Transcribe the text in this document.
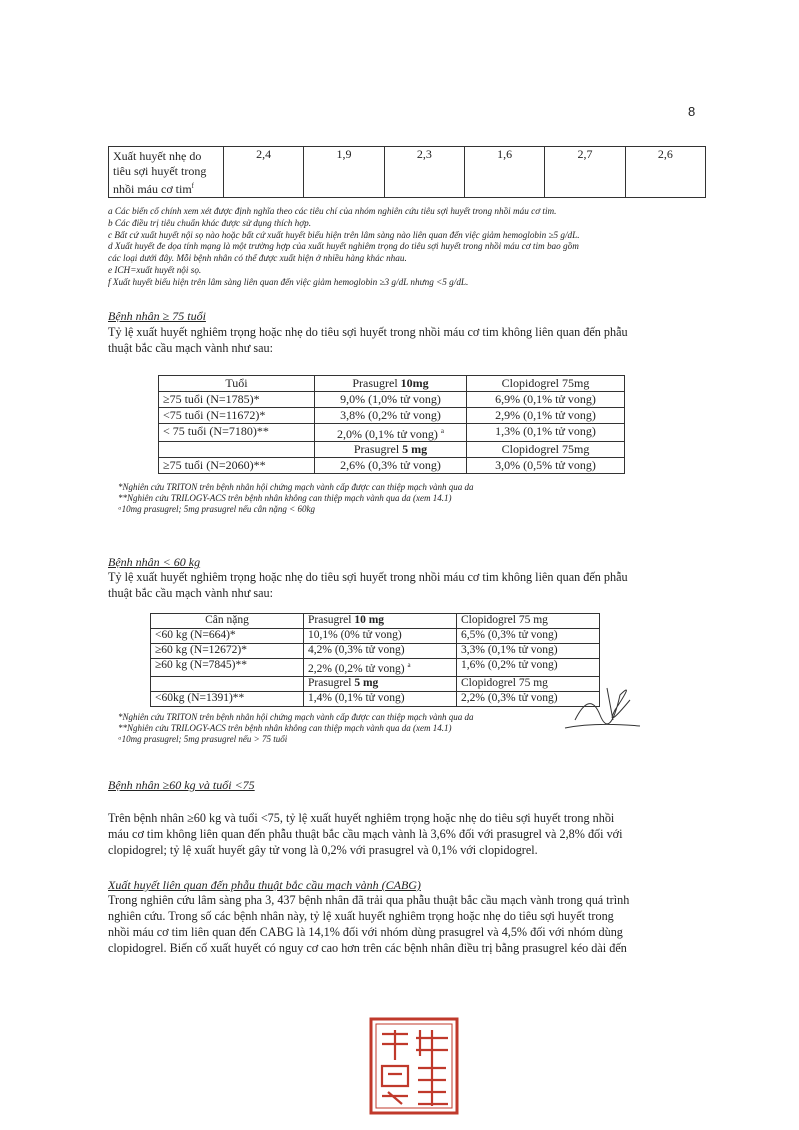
8
Xuất huyết nhẹ do tiêu sợi huyết trong nhồi máu cơ tim$^f$	2,4	1,9	2,3	1,6	2,7	2,6
a Các biến cố chính xem xét được định nghĩa theo các tiêu chí của nhóm nghiên cứu tiêu sợi huyết trong nhồi máu cơ tim.
b Các điều trị tiêu chuẩn khác được sử dụng thích hợp.
c Bất cứ xuất huyết nội sọ nào hoặc bất cứ xuất huyết biểu hiện trên lâm sàng nào liên quan đến việc giảm hemoglobin ≥5 g/dL.
d Xuất huyết đe dọa tính mạng là một trường hợp của xuất huyết nghiêm trọng do tiêu sợi huyết trong nhồi máu cơ tim bao gồm
các loại dưới đây. Mỗi bệnh nhân có thể được xuất hiện ở nhiều hàng khác nhau.
e ICH=xuất huyết nội sọ.
f Xuất huyết biểu hiện trên lâm sàng liên quan đến việc giảm hemoglobin ≥3 g/dL nhưng <5 g/dL.
Bệnh nhân ≥ 75 tuổi
Tỷ lệ xuất huyết nghiêm trọng hoặc nhẹ do tiêu sợi huyết trong nhồi máu cơ tim không liên quan đến phẫu
thuật bắc cầu mạch vành như sau:
Tuổi	Prasugrel 10mg	Clopidogrel 75mg
≥75 tuổi (N=1785)*	9,0% (1,0% tử vong)	6,9% (0,1% tử vong)
<75 tuổi (N=11672)*	3,8% (0,2% tử vong)	2,9% (0,1% tử vong)
< 75 tuổi (N=7180)**	2,0% (0,1% tử vong) $^a$	1,3% (0,1% tử vong)
	Prasugrel 5 mg	Clopidogrel 75mg
≥75 tuổi (N=2060)**	2,6% (0,3% tử vong)	3,0% (0,5% tử vong)
*Nghiên cứu TRITON trên bệnh nhân hội chứng mạch vành cấp được can thiệp mạch vành qua da
**Nghiên cứu TRILOGY-ACS trên bệnh nhân không can thiệp mạch vành qua da (xem 14.1)
ᵃ10mg prasugrel; 5mg prasugrel nếu cân nặng < 60kg
Bệnh nhân < 60 kg
Tỷ lệ xuất huyết nghiêm trọng hoặc nhẹ do tiêu sợi huyết trong nhồi máu cơ tim không liên quan đến phẫu
thuật bắc cầu mạch vành như sau:
Cân nặng	Prasugrel 10 mg	Clopidogrel 75 mg
<60 kg (N=664)*	10,1% (0% tử vong)	6,5% (0,3% tử vong)
≥60 kg (N=12672)*	4,2% (0,3% tử vong)	3,3% (0,1% tử vong)
≥60 kg (N=7845)**	2,2% (0,2% tử vong) $^a$	1,6% (0,2% tử vong)
	Prasugrel 5 mg	Clopidogrel 75 mg
<60kg (N=1391)**	1,4% (0,1% tử vong)	2,2% (0,3% tử vong)
*Nghiên cứu TRITON trên bệnh nhân hội chứng mạch vành cấp được can thiệp mạch vành qua da
**Nghiên cứu TRILOGY-ACS trên bệnh nhân không can thiệp mạch vành qua da (xem 14.1)
ᵃ10mg prasugrel; 5mg prasugrel nếu > 75 tuổi
Bệnh nhân ≥60 kg và tuổi <75
Trên bệnh nhân ≥60 kg và tuổi <75, tỷ lệ xuất huyết nghiêm trọng hoặc nhẹ do tiêu sợi huyết trong nhồi
máu cơ tim không liên quan đến phẫu thuật bắc cầu mạch vành là 3,6% đối với prasugrel và 2,8% đối với
clopidogrel; tỷ lệ xuất huyết gây tử vong là 0,2% với prasugrel và 0,1% với clopidogrel.
Xuất huyết liên quan đến phẫu thuật bắc cầu mạch vành (CABG)
Trong nghiên cứu lâm sàng pha 3, 437 bệnh nhân đã trải qua phẫu thuật bắc cầu mạch vành trong quá trình
nghiên cứu. Trong số các bệnh nhân này, tỷ lệ xuất huyết nghiêm trọng hoặc nhẹ do tiêu sợi huyết trong
nhồi máu cơ tim liên quan đến CABG là 14,1% đối với nhóm dùng prasugrel và 4,5% đối với nhóm dùng
clopidogrel. Biến cố xuất huyết có nguy cơ cao hơn trên các bệnh nhân điều trị bằng prasugrel kéo dài đến
